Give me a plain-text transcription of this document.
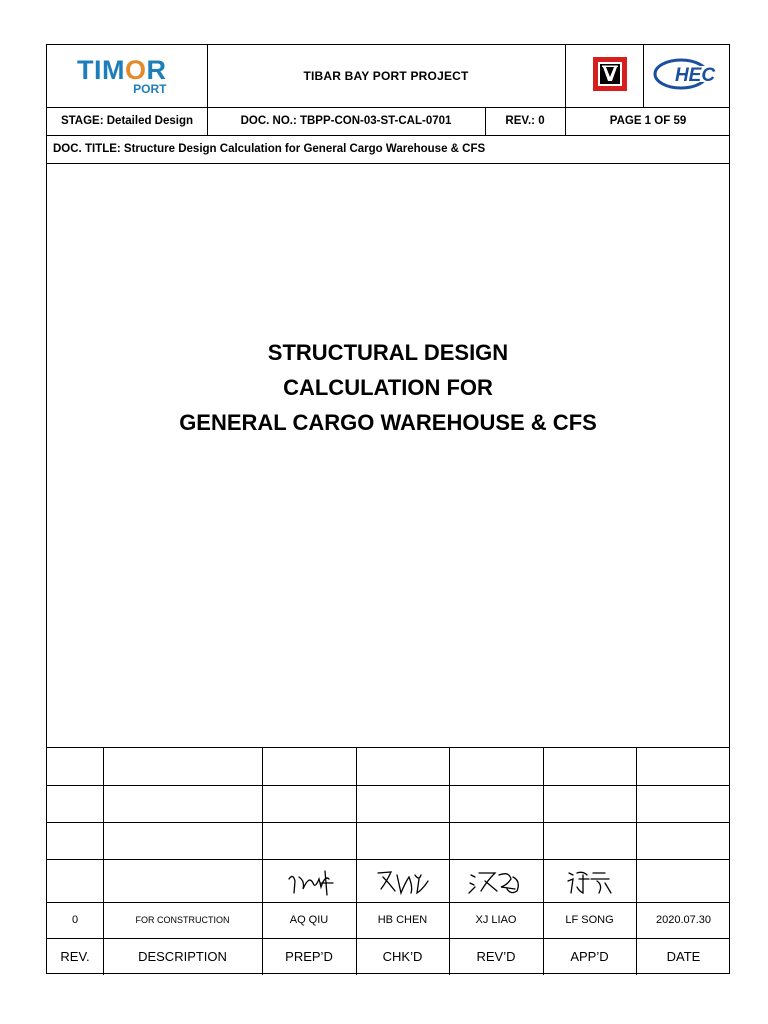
TIMOR
PORT
TIBAR BAY PORT PROJECT	HEC
STAGE: Detailed Design	DOC. NO.: TBPP-CON-03-ST-CAL-0701	REV.: 0	PAGE 1 OF 59
DOC. TITLE: Structure Design Calculation for General Cargo Warehouse & CFS
STRUCTURAL DESIGN
CALCULATION FOR
GENERAL CARGO WAREHOUSE & CFS
0	FOR CONSTRUCTION	AQ QIU	HB CHEN	XJ LIAO	LF SONG	2020.07.30
REV.	DESCRIPTION	PREP’D	CHK’D	REV’D	APP’D	DATE
